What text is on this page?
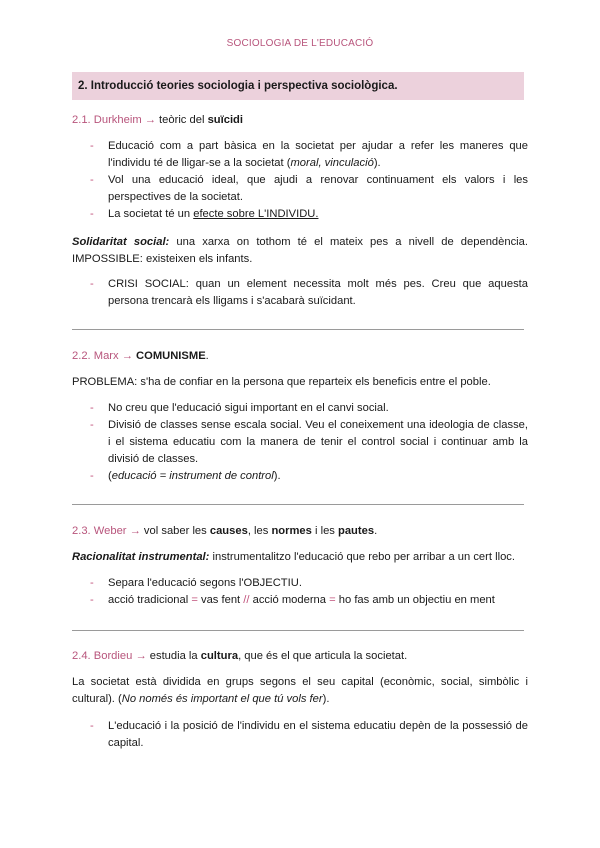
SOCIOLOGIA DE L'EDUCACIÓ
2. Introducció teories sociologia i perspectiva sociològica.
2.1. Durkheim → teòric del suïcidi
- Educació com a part bàsica en la societat per ajudar a refer les maneres que l'individu té de lligar-se a la societat (moral, vinculació).
- Vol una educació ideal, que ajudi a renovar continuament els valors i les perspectives de la societat.
- La societat té un efecte sobre L'INDIVIDU.
Solidaritat social: una xarxa on tothom té el mateix pes a nivell de dependència. IMPOSSIBLE: existeixen els infants.
- CRISI SOCIAL: quan un element necessita molt més pes. Creu que aquesta persona trencarà els lligams i s'acabarà suïcidant.
2.2. Marx → COMUNISME.
PROBLEMA: s'ha de confiar en la persona que reparteix els beneficis entre el poble.
- No creu que l'educació sigui important en el canvi social.
- Divisió de classes sense escala social. Veu el coneixement una ideologia de classe, i el sistema educatiu com la manera de tenir el control social i continuar amb la divisió de classes.
- (educació = instrument de control).
2.3. Weber → vol saber les causes, les normes i les pautes.
Racionalitat instrumental: instrumentalitzo l'educació que rebo per arribar a un cert lloc.
- Separa l'educació segons l'OBJECTIU.
- acció tradicional = vas fent // acció moderna = ho fas amb un objectiu en ment
2.4. Bordieu → estudia la cultura, que és el que articula la societat.
La societat està dividida en grups segons el seu capital (econòmic, social, simbòlic i cultural). (No només és important el que tú vols fer).
- L'educació i la posició de l'individu en el sistema educatiu depèn de la possessió de capital.
